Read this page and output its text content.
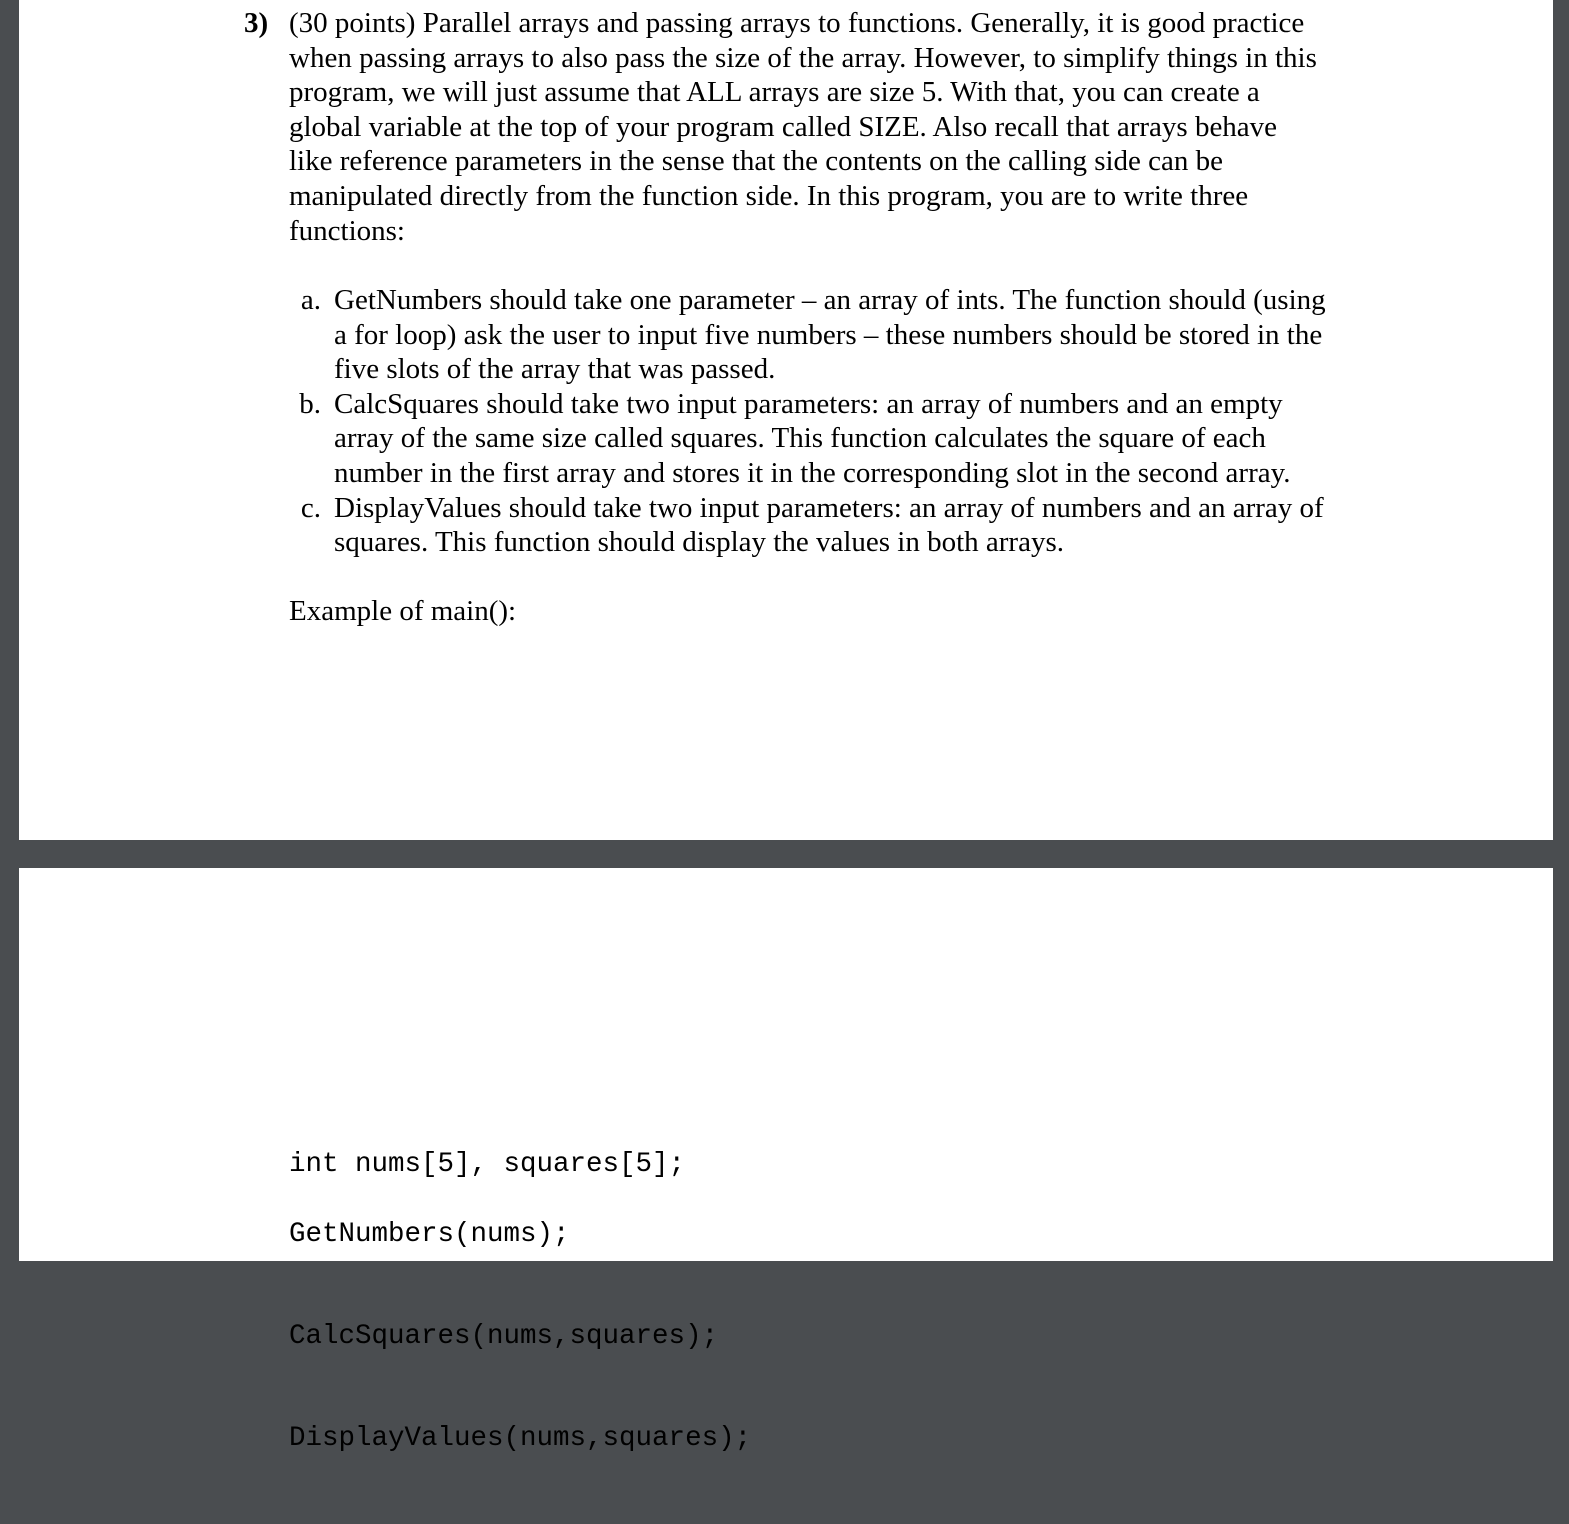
3) (30 points) Parallel arrays and passing arrays to functions. Generally, it is good practice
when passing arrays to also pass the size of the array. However, to simplify things in this
program, we will just assume that ALL arrays are size 5. With that, you can create a
global variable at the top of your program called SIZE. Also recall that arrays behave
like reference parameters in the sense that the contents on the calling side can be
manipulated directly from the function side. In this program, you are to write three
functions:
a. GetNumbers should take one parameter – an array of ints. The function should (using
a for loop) ask the user to input five numbers – these numbers should be stored in the
five slots of the array that was passed.
b. CalcSquares should take two input parameters: an array of numbers and an empty
array of the same size called squares. This function calculates the square of each
number in the first array and stores it in the corresponding slot in the second array.
c. DisplayValues should take two input parameters: an array of numbers and an array of
squares. This function should display the values in both arrays.
Example of main():

int nums[5], squares[5];

GetNumbers(nums);

CalcSquares(nums,squares);

DisplayValues(nums,squares);
